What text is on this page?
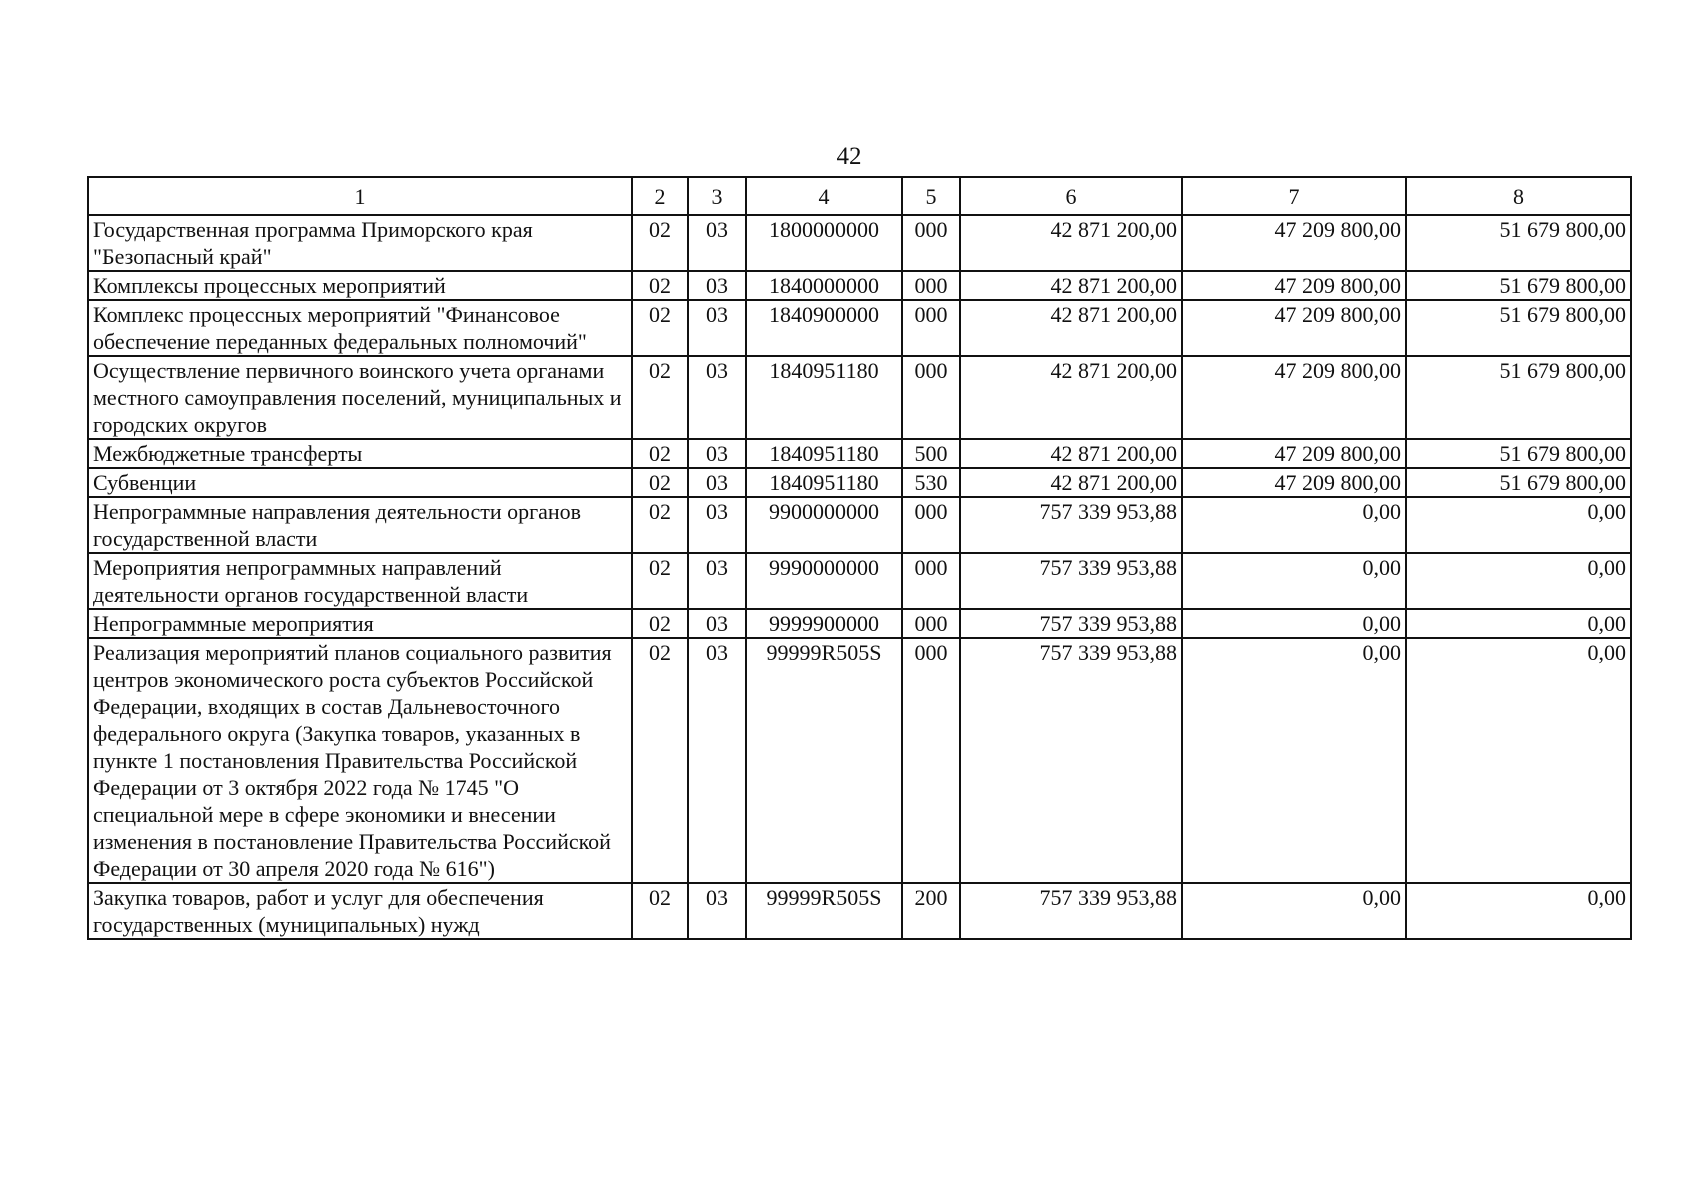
42
1	2	3	4	5	6	7	8
Государственная программа Приморского края "Безопасный край"	02	03	1800000000	000	42 871 200,00	47 209 800,00	51 679 800,00
Комплексы процессных мероприятий	02	03	1840000000	000	42 871 200,00	47 209 800,00	51 679 800,00
Комплекс процессных мероприятий "Финансовое обеспечение переданных федеральных полномочий"	02	03	1840900000	000	42 871 200,00	47 209 800,00	51 679 800,00
Осуществление первичного воинского учета органами местного самоуправления поселений, муниципальных и городских округов	02	03	1840951180	000	42 871 200,00	47 209 800,00	51 679 800,00
Межбюджетные трансферты	02	03	1840951180	500	42 871 200,00	47 209 800,00	51 679 800,00
Субвенции	02	03	1840951180	530	42 871 200,00	47 209 800,00	51 679 800,00
Непрограммные направления деятельности органов государственной власти	02	03	9900000000	000	757 339 953,88	0,00	0,00
Мероприятия непрограммных направлений деятельности органов государственной власти	02	03	9990000000	000	757 339 953,88	0,00	0,00
Непрограммные мероприятия	02	03	9999900000	000	757 339 953,88	0,00	0,00
Реализация мероприятий планов социального развития центров экономического роста субъектов Российской Федерации, входящих в состав Дальневосточного федерального округа (Закупка товаров, указанных в пункте 1 постановления Правительства Российской Федерации от 3 октября 2022 года № 1745 "О специальной мере в сфере экономики и внесении изменения в постановление Правительства Российской Федерации от 30 апреля 2020 года № 616")	02	03	99999R505S	000	757 339 953,88	0,00	0,00
Закупка товаров, работ и услуг для обеспечения государственных (муниципальных) нужд	02	03	99999R505S	200	757 339 953,88	0,00	0,00
